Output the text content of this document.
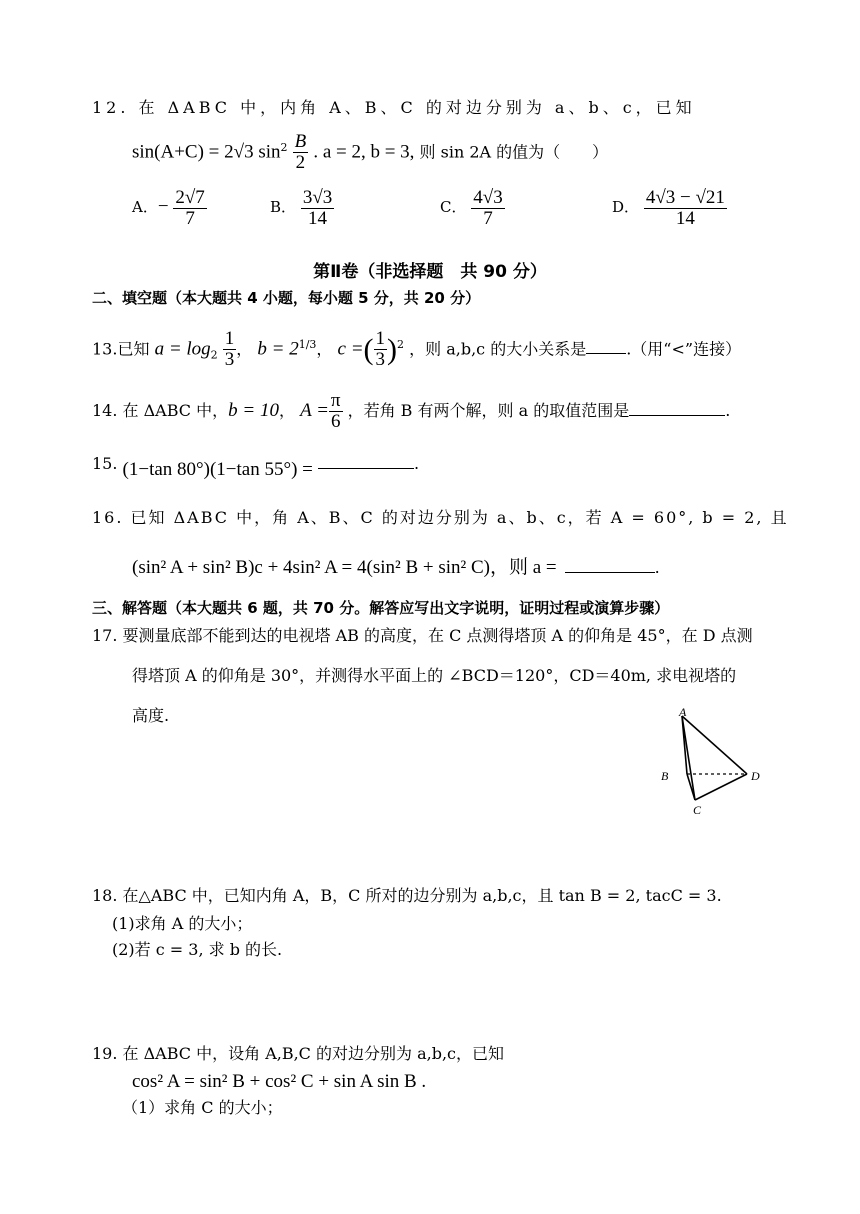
12. 在 ΔABC 中，内角 A、B、C 的对边分别为 a、b、c，已知
sin(A+C) = 2√3 $\sin^2 \frac{B}{2}$ . a = 2, b = 3, 则 sin 2A 的值为（　　）
A．− $\frac{2√7}{7}$	B． $\frac{3√3}{14}$	C． $\frac{4√3}{7}$	D． $\frac{4√3 - √21}{14}$
第Ⅱ卷（非选择题　共 90 分）
二、填空题（本大题共 4 小题，每小题 5 分，共 20 分）
13.已知 $a = \log_2 \frac{1}{3}$ ， $b = 2^{1/3}$， c =( $\frac{1}{3} )^2$ ，则 a,b,c 的大小关系是	.（用“<”连接）
14. 在 ΔABC 中，b = 10， $A = \frac{\pi}{6}$ ，若角 B 有两个解，则 a 的取值范围是	.
15. (1−tan 80°)(1−tan 55°) =	.
16. 已知 ΔABC 中，角 A、B、C 的对边分别为 a、b、c，若 A = 60°, b = 2, 且
(sin² A + sin² B)c + 4sin² A = 4(sin² B + sin² C)，则 a =	.
三、解答题（本大题共 6 题，共 70 分。解答应写出文字说明，证明过程或演算步骤）
17. 要测量底部不能到达的电视塔 AB 的高度，在 C 点测得塔顶 A 的仰角是 45°，在 D 点测
得塔顶 A 的仰角是 30°，并测得水平面上的 ∠BCD＝120°，CD＝40m, 求电视塔的
高度.	A
B
C
D
18. 在△ABC 中，已知内角 A，B，C 所对的边分别为 a,b,c，且 tan B = 2, tacC = 3.
(1)求角 A 的大小；
(2)若 c = 3, 求 b 的长.
19. 在 ΔABC 中，设角 A,B,C 的对边分别为 a,b,c，已知
cos² A = sin² B + cos² C + sin A sin B .
（1）求角 C 的大小；
